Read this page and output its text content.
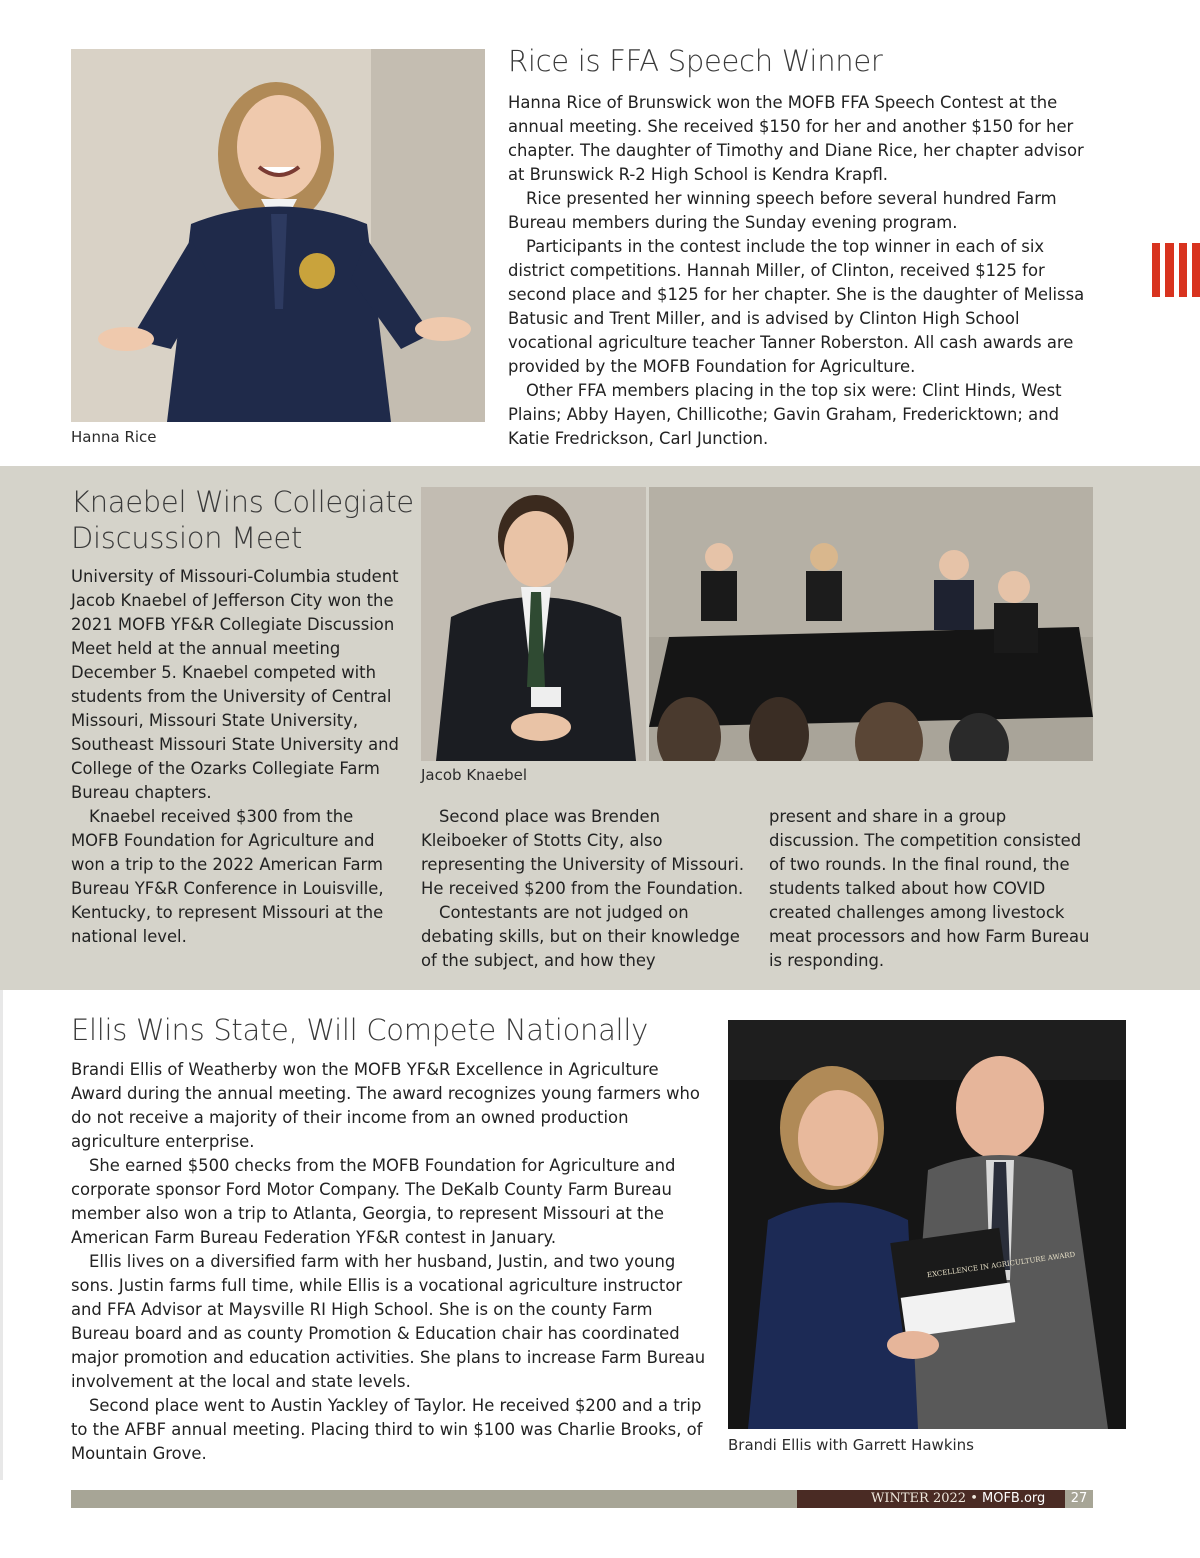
Hanna Rice
Rice is FFA Speech Winner

Hanna Rice of Brunswick won the MOFB FFA Speech Contest at the annual meeting. She received $150 for her and another $150 for her chapter. The daughter of Timothy and Diane Rice, her chapter advisor at Brunswick R-2 High School is Kendra Krapfl.

Rice presented her winning speech before several hundred Farm Bureau members during the Sunday evening program.

Participants in the contest include the top winner in each of six district competitions. Hannah Miller, of Clinton, received $125 for second place and $125 for her chapter. She is the daughter of Melissa Batusic and Trent Miller, and is advised by Clinton High School vocational agriculture teacher Tanner Roberston. All cash awards are provided by the MOFB Foundation for Agriculture.

Other FFA members placing in the top six were: Clint Hinds, West Plains; Abby Hayen, Chillicothe; Gavin Graham, Fredericktown; and Katie Fredrickson, Carl Junction.

Knaebel Wins Collegiate
Discussion Meet

University of Missouri-Columbia student Jacob Knaebel of Jefferson City won the 2021 MOFB YF&R Collegiate Discussion Meet held at the annual meeting December 5. Knaebel competed with students from the University of Central Missouri, Missouri State University, Southeast Missouri State University and College of the Ozarks Collegiate Farm Bureau chapters.

Knaebel received $300 from the MOFB Foundation for Agriculture and won a trip to the 2022 American Farm Bureau YF&R Conference in Louisville, Kentucky, to represent Missouri at the national level.

Jacob Knaebel

Second place was Brenden Kleiboeker of Stotts City, also representing the University of Missouri. He received $200 from the Foundation.

Contestants are not judged on debating skills, but on their knowledge of the subject, and how they

present and share in a group discussion. The competition consisted of two rounds. In the final round, the students talked about how COVID created challenges among livestock meat processors and how Farm Bureau is responding.

Ellis Wins State, Will Compete Nationally

Brandi Ellis of Weatherby won the MOFB YF&R Excellence in Agriculture Award during the annual meeting. The award recognizes young farmers who do not receive a majority of their income from an owned production agriculture enterprise.

She earned $500 checks from the MOFB Foundation for Agriculture and corporate sponsor Ford Motor Company. The DeKalb County Farm Bureau member also won a trip to Atlanta, Georgia, to represent Missouri at the American Farm Bureau Federation YF&R contest in January.

Ellis lives on a diversified farm with her husband, Justin, and two young sons. Justin farms full time, while Ellis is a vocational agriculture instructor and FFA Advisor at Maysville RI High School. She is on the county Farm Bureau board and as county Promotion & Education chair has coordinated major promotion and education activities. She plans to increase Farm Bureau involvement at the local and state levels.

Second place went to Austin Yackley of Taylor. He received $200 and a trip to the AFBF annual meeting. Placing third to win $100 was Charlie Brooks, of Mountain Grove.

EXCELLENCE IN AGRICULTURE AWARD
Brandi Ellis with Garrett Hawkins
WINTER 2022 • MOFB.org	27
